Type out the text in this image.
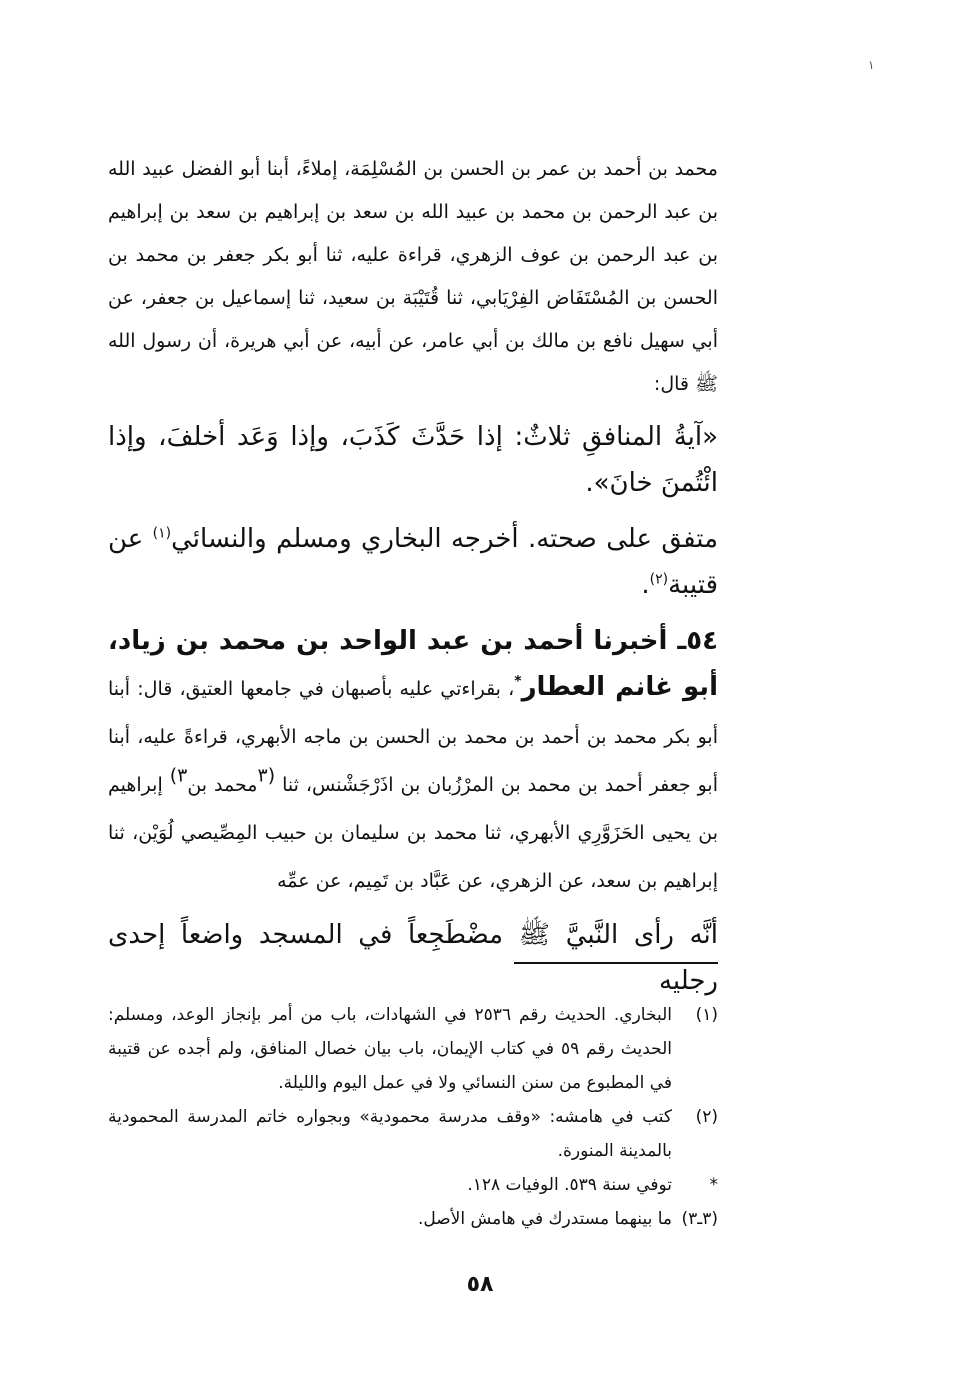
١

محمد بن أحمد بن عمر بن الحسن بن المُسْلِمَة، إملاءً، أبنا أبو الفضل عبيد الله بن عبد الرحمن بن محمد بن عبيد الله بن سعد بن إبراهيم بن سعد بن إبراهيم بن عبد الرحمن بن عوف الزهري، قراءة عليه، ثنا أبو بكر جعفر بن محمد بن الحسن بن المُسْتَفَاض الفِرْيَابي، ثنا قُتَيْبَة بن سعيد، ثنا إسماعيل بن جعفر، عن أبي سهيل نافع بن مالك بن أبي عامر، عن أبيه، عن أبي هريرة، أن رسول الله ﷺ قال:

«آيةُ المنافقِ ثلاثٌ: إذا حَدَّثَ كَذَبَ، وإذا وَعَد أخلفَ، وإذا ائْتُمنَ خانَ».

متفق على صحته. أخرجه البخاري ومسلم والنسائي$^{(١)}$ عن قتيبة$^{(٢)}$.

٥٤ـ أخبرنا أحمد بن عبد الواحد بن محمد بن زياد، أبو غانم العطار*، بقراءتي عليه بأصبهان في جامعها العتيق، قال: أبنا أبو بكر محمد بن أحمد بن محمد بن الحسن بن ماجه الأبهري، قراءةً عليه، أبنا أبو جعفر أحمد بن محمد بن المرْزُبان بن اذَرْجَشْنس، ثنا $^{(٣}$محمد بن$^{٣)}$ إبراهيم بن يحيى الحَزَوَّرِي الأبهري، ثنا محمد بن سليمان بن حبيب المِصِّيصي لُوَيْن، ثنا إبراهيم بن سعد، عن الزهري، عن عَبَّاد بن تَمِيم، عن عمِّه

أنَّه رأى النَّبيَّ ﷺ مضْطَجِعاً في المسجد واضعاً إحدى رجليه

(١)
البخاري. الحديث رقم ٢٥٣٦ في الشهادات، باب من أمر بإنجاز الوعد، ومسلم: الحديث رقم ٥٩ في كتاب الإيمان، باب بيان خصال المنافق، ولم أجده عن قتيبة في المطبوع من سنن النسائي ولا في عمل اليوم والليلة.
(٢)
كتب في هامشه: «وقف مدرسة محمودية» وبجواره خاتم المدرسة المحمودية بالمدينة المنورة.
*
توفي سنة ٥٣٩. الوفيات ١٢٨.
(٣ـ٣)
ما بينهما مستدرك في هامش الأصل.
٥٨
